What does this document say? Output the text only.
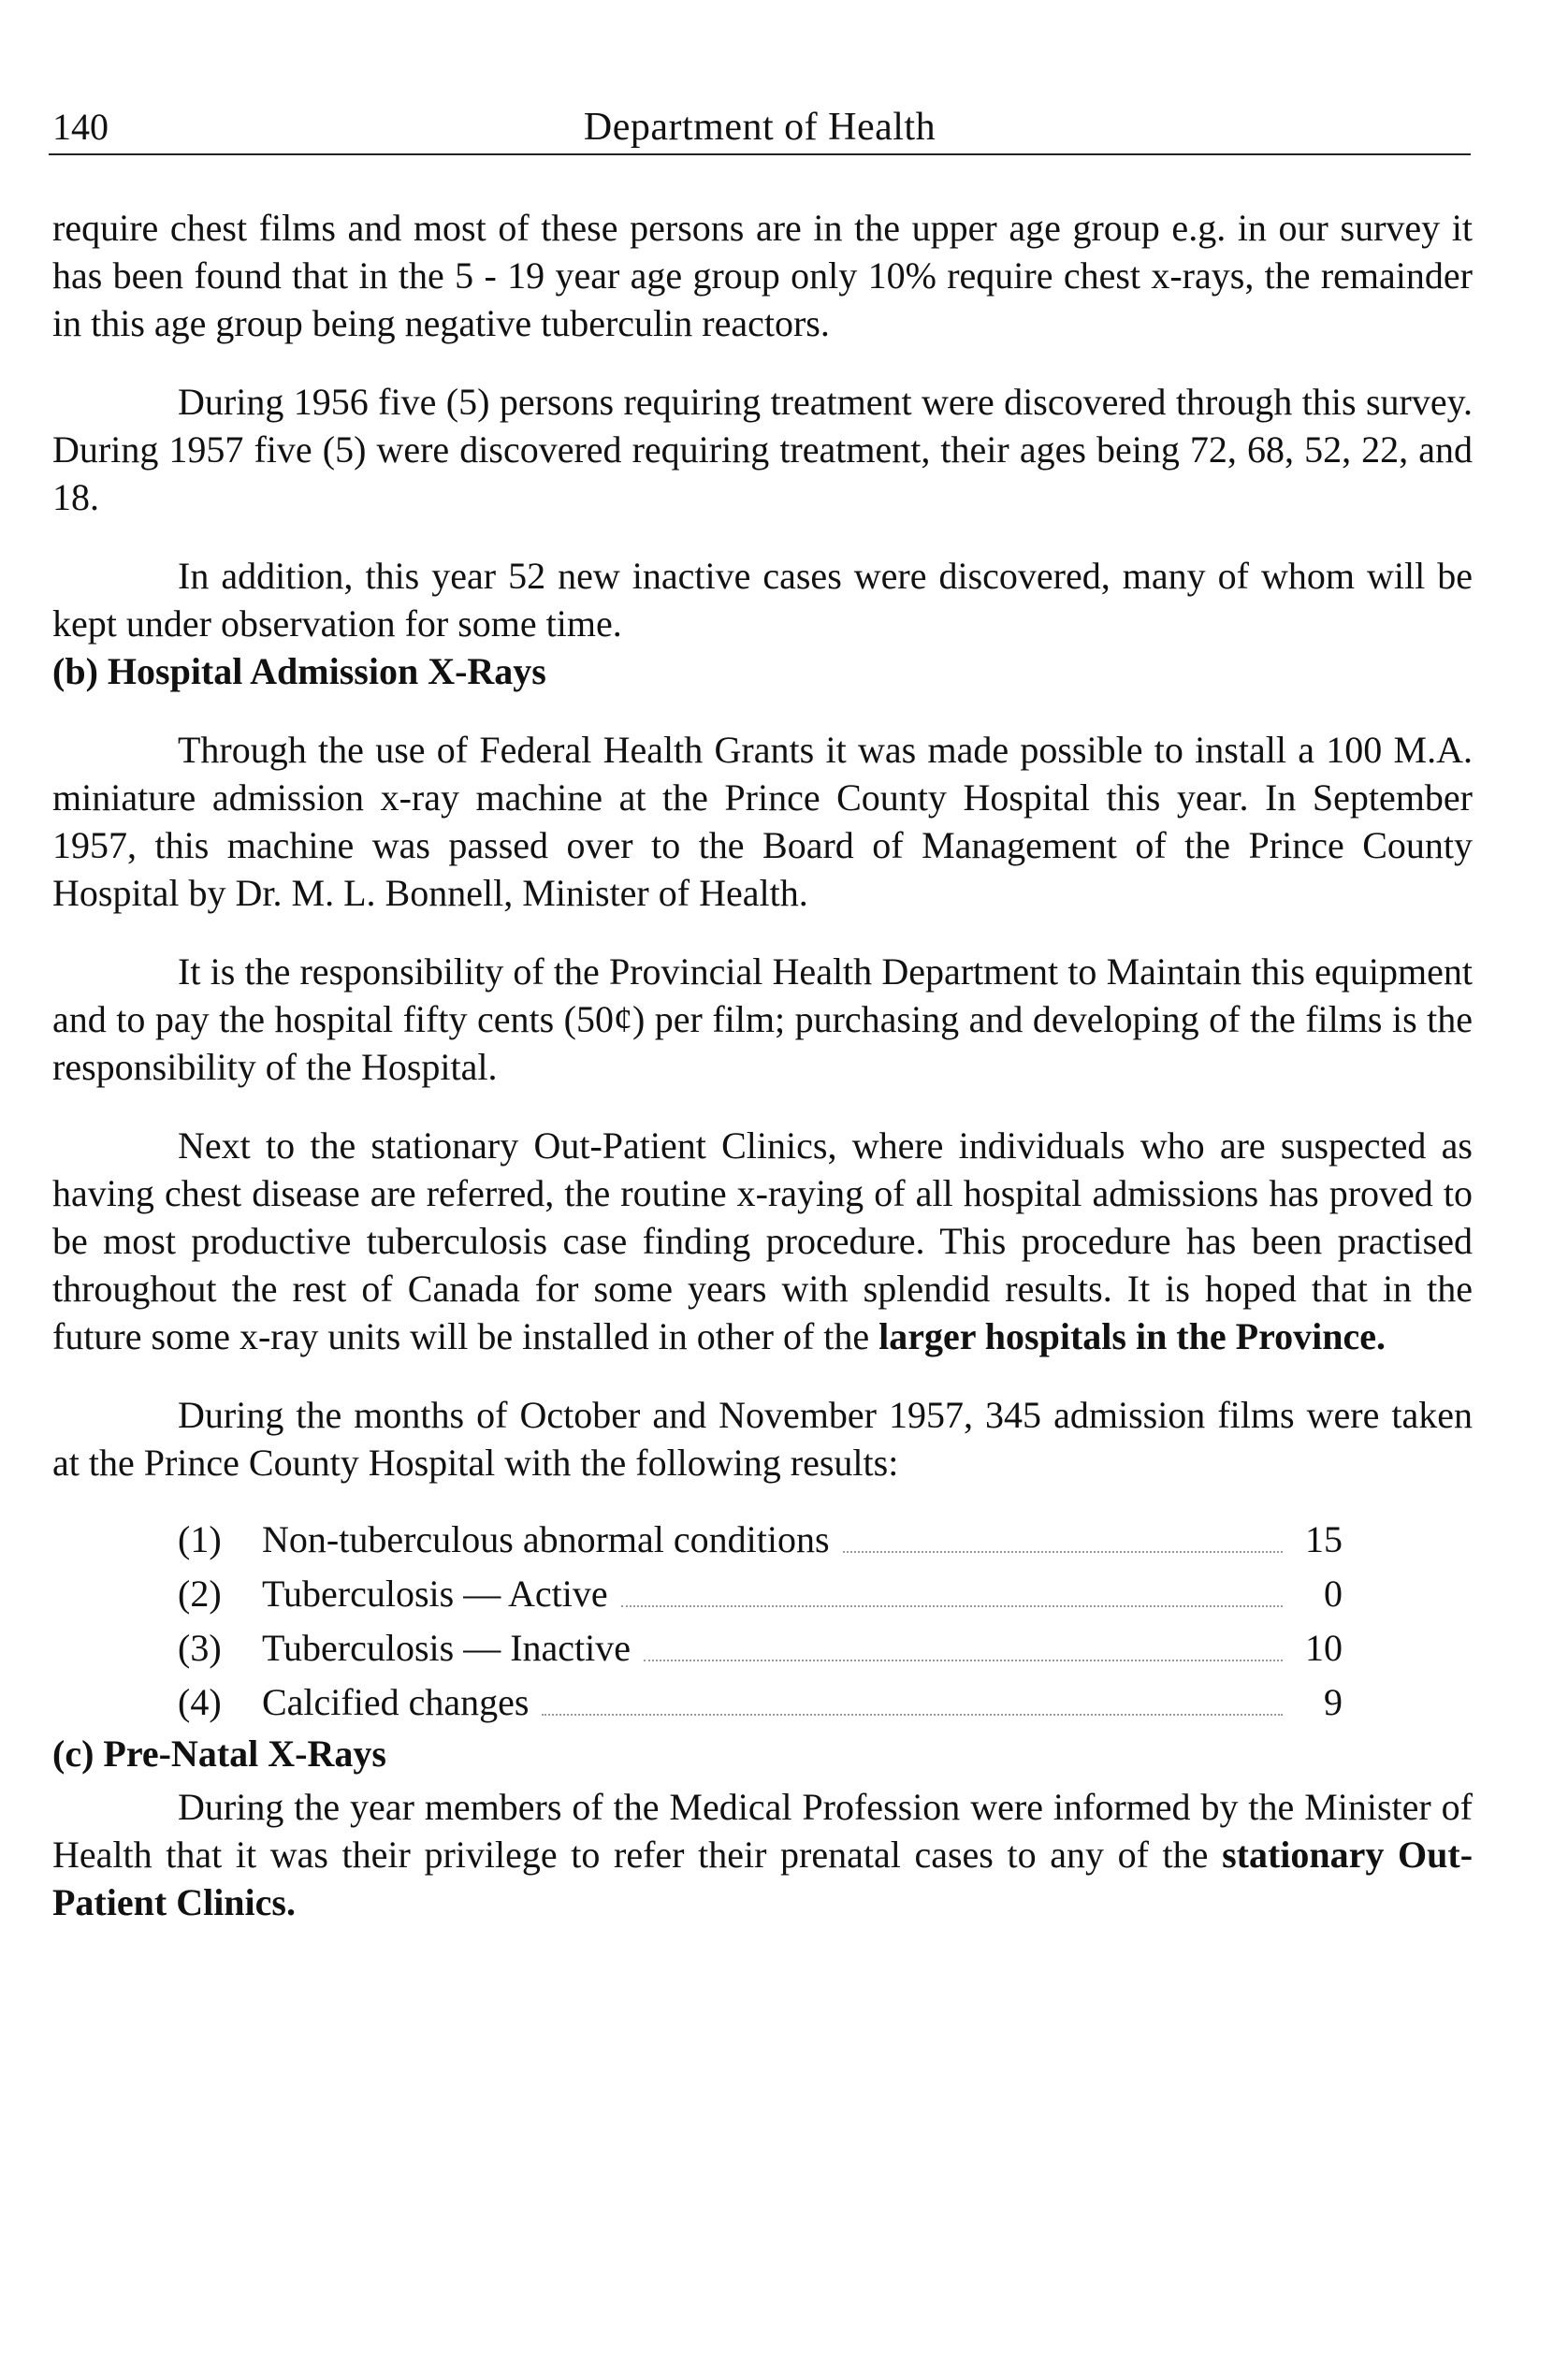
140	Department of Health

require chest films and most of these persons are in the upper age group e.g. in our survey it has been found that in the 5 - 19 year age group only 10% require chest x-rays, the remainder in this age group being negative tuberculin reactors.

During 1956 five (5) persons requiring treatment were discovered through this survey. During 1957 five (5) were discovered requiring treatment, their ages being 72, 68, 52, 22, and 18.

In addition, this year 52 new inactive cases were discovered, many of whom will be kept under observation for some time.

(b) Hospital Admission X-Rays

Through the use of Federal Health Grants it was made possible to install a 100 M.A. miniature admission x-ray machine at the Prince County Hospital this year. In September 1957, this machine was passed over to the Board of Management of the Prince County Hospital by Dr. M. L. Bonnell, Minister of Health.

It is the responsibility of the Provincial Health Department to Maintain this equipment and to pay the hospital fifty cents (50¢) per film; purchasing and developing of the films is the responsibility of the Hospital.

Next to the stationary Out-Patient Clinics, where individuals who are suspected as having chest disease are referred, the routine x-raying of all hospital admissions has proved to be most productive tuberculosis case finding procedure. This procedure has been practised throughout the rest of Canada for some years with splendid results. It is hoped that in the future some x-ray units will be installed in other of the larger hospitals in the Province.

During the months of October and November 1957, 345 admission films were taken at the Prince County Hospital with the following results:

(1)	Non-tuberculous abnormal conditions	15
(2)	Tuberculosis — Active	0
(3)	Tuberculosis — Inactive	10
(4)	Calcified changes	9

(c) Pre-Natal X-Rays

During the year members of the Medical Profession were informed by the Minister of Health that it was their privilege to refer their prenatal cases to any of the stationary Out-Patient Clinics.
